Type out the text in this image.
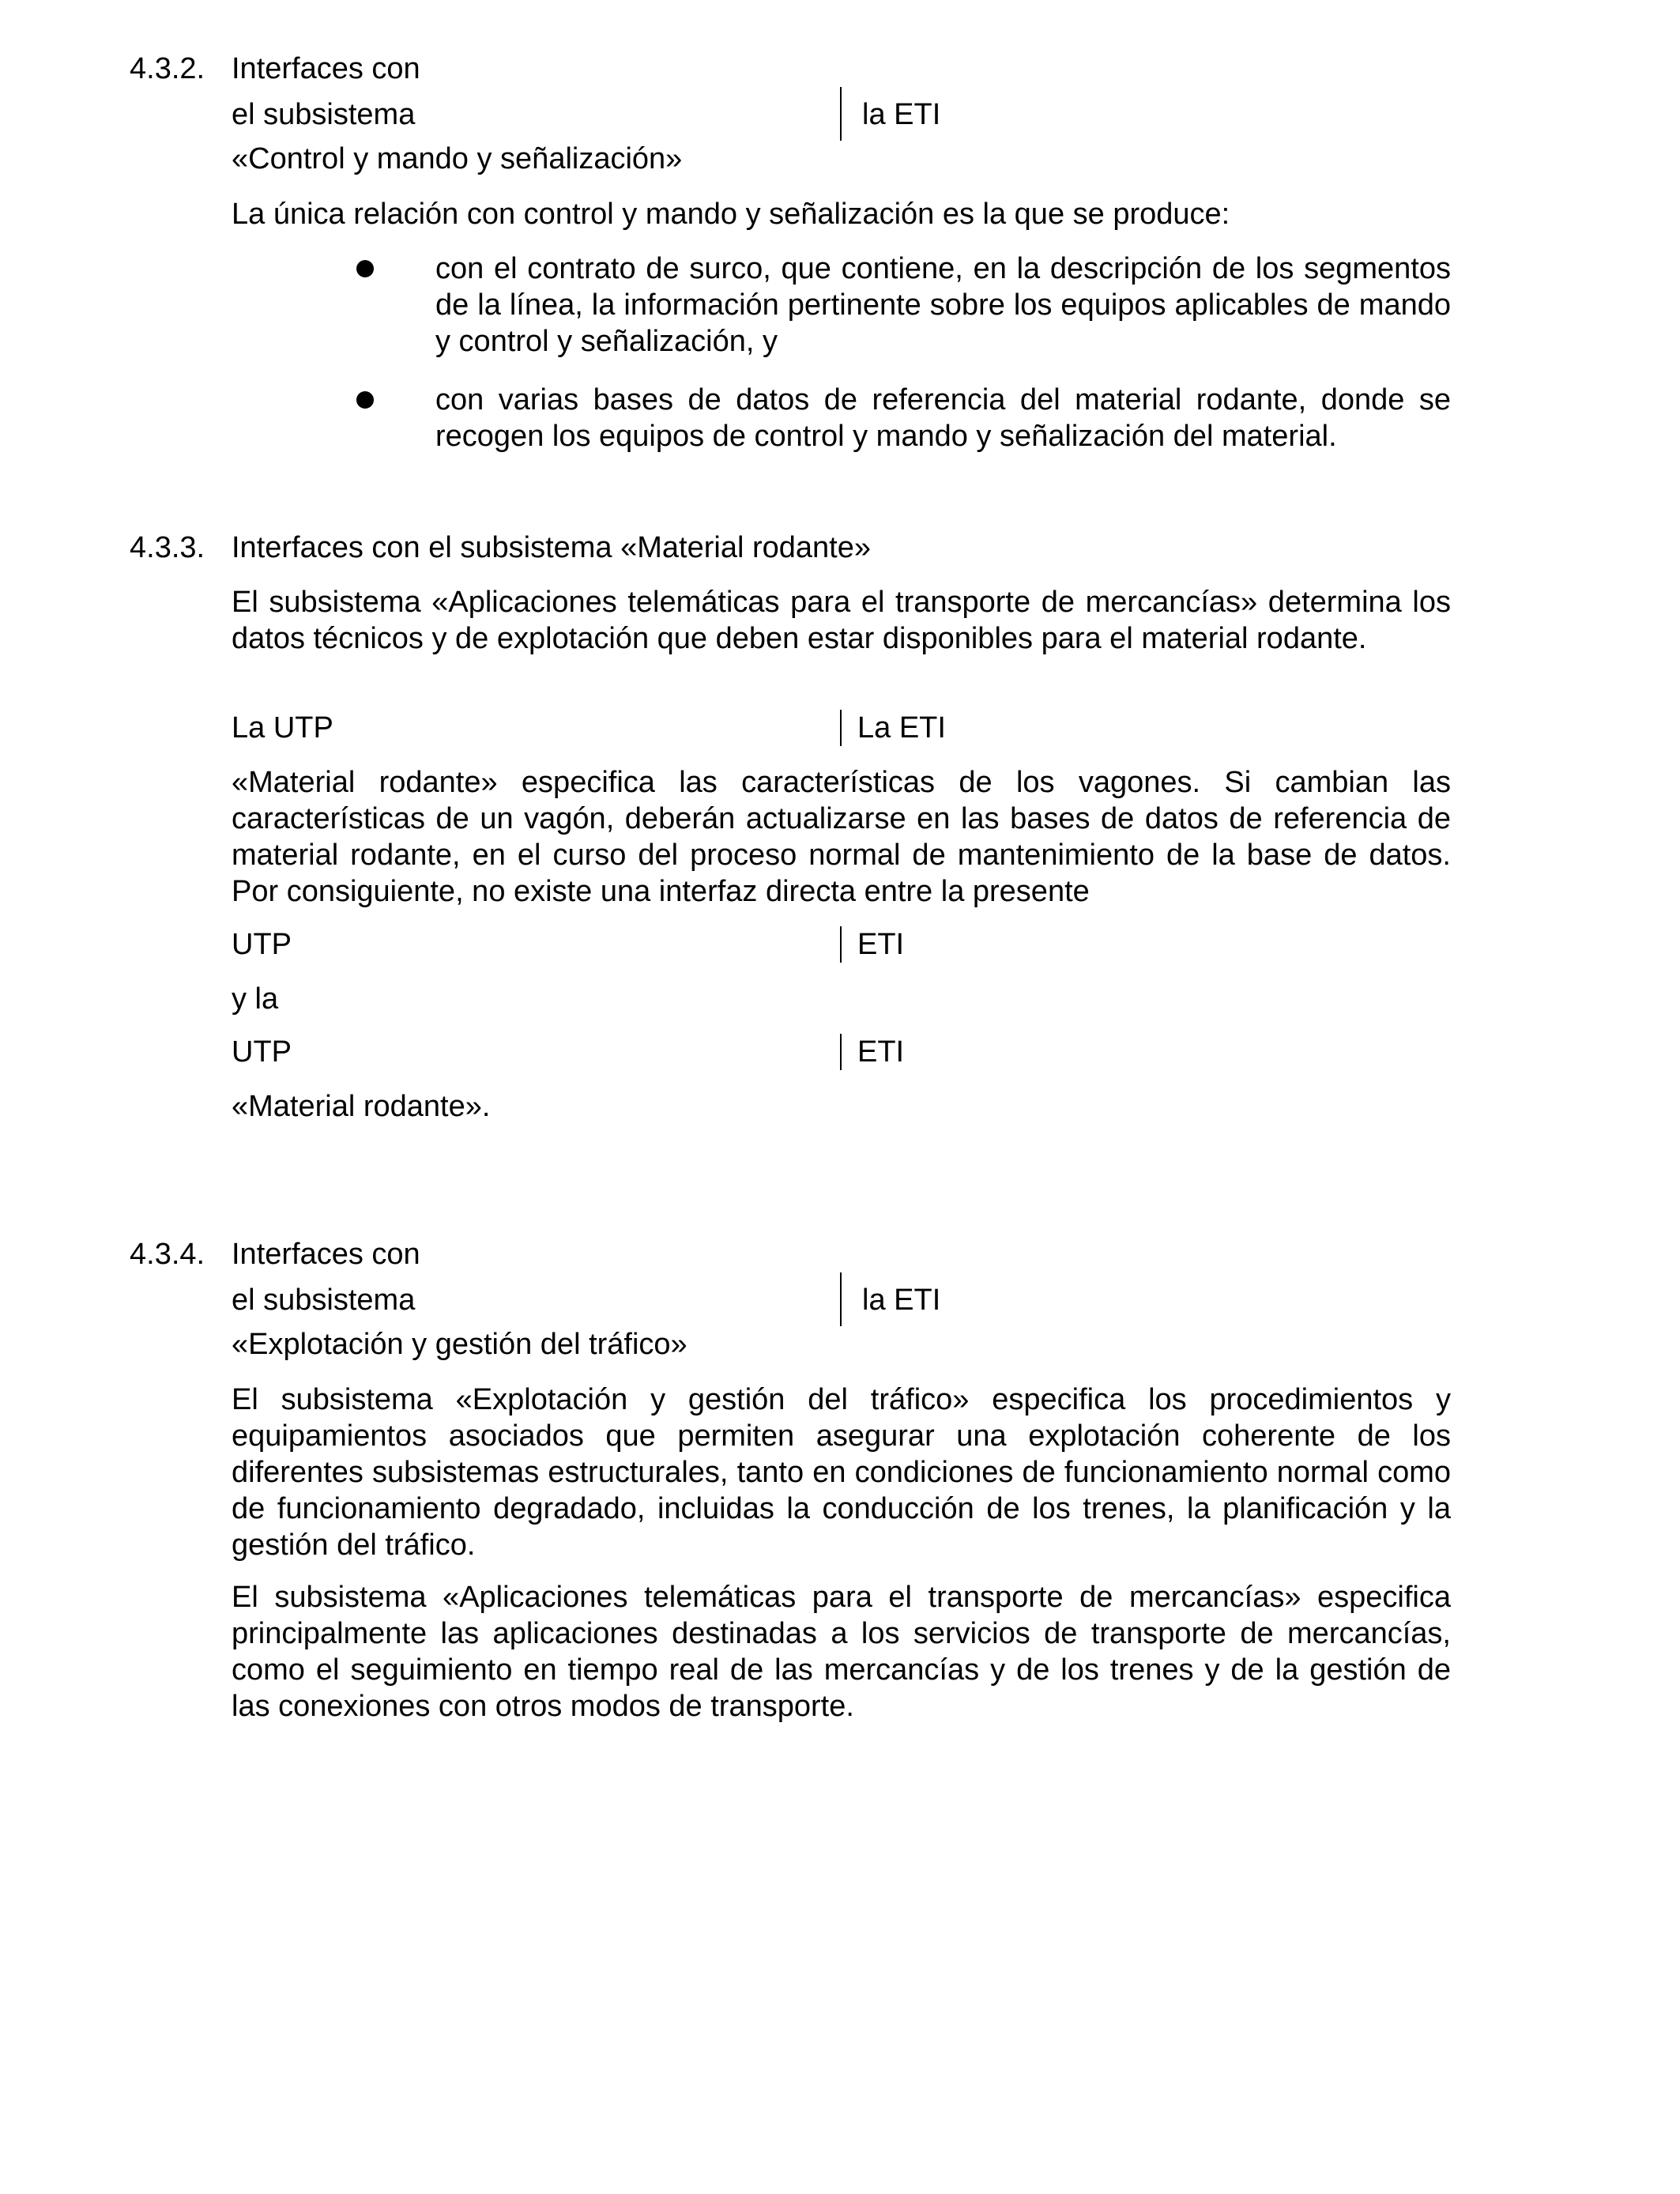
4.3.2. Interfaces con
el subsistema	la ETI
«Control y mando y señalización»
La única relación con control y mando y señalización es la que se produce:
con el contrato de surco, que contiene, en la descripción de los segmentos de la línea, la información pertinente sobre los equipos aplicables de mando y control y señalización, y
con varias bases de datos de referencia del material rodante, donde se recogen los equipos de control y mando y señalización del material.
4.3.3. Interfaces con el subsistema «Material rodante»
El subsistema «Aplicaciones telemáticas para el transporte de mercancías» determina los datos técnicos y de explotación que deben estar disponibles para el material rodante.
La UTP	La ETI
«Material rodante» especifica las características de los vagones. Si cambian las características de un vagón, deberán actualizarse en las bases de datos de referencia de material rodante, en el curso del proceso normal de mantenimiento de la base de datos. Por consiguiente, no existe una interfaz directa entre la presente
UTP	ETI
y la
UTP	ETI
«Material rodante».
4.3.4. Interfaces con
el subsistema	la ETI
«Explotación y gestión del tráfico»
El subsistema «Explotación y gestión del tráfico» especifica los procedimientos y equipamientos asociados que permiten asegurar una explotación coherente de los diferentes subsistemas estructurales, tanto en condiciones de funcionamiento normal como de funcionamiento degradado, incluidas la conducción de los trenes, la planificación y la gestión del tráfico.
El subsistema «Aplicaciones telemáticas para el transporte de mercancías» especifica principalmente las aplicaciones destinadas a los servicios de transporte de mercancías, como el seguimiento en tiempo real de las mercancías y de los trenes y de la gestión de las conexiones con otros modos de transporte.
